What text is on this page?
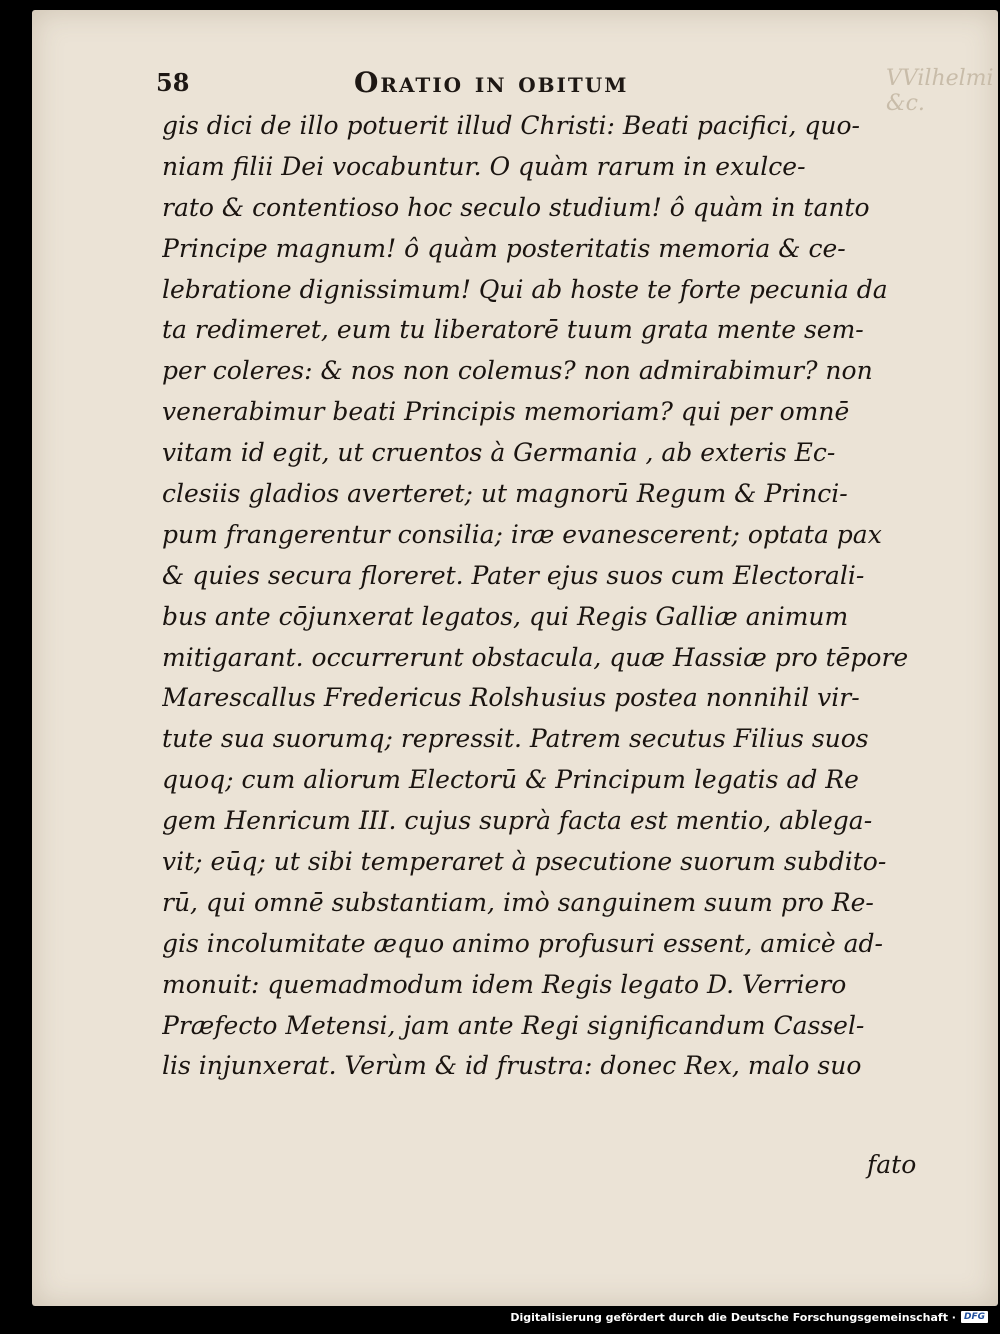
58	Oratio in obitum	VVilhelmi &c.
gis dici de illo potuerit illud Christi: Beati pacifici, quo-
niam filii Dei vocabuntur. O quàm rarum in exulce-
rato & contentioso hoc seculo studium! ô quàm in tanto
Principe magnum! ô quàm posteritatis memoria & ce-
lebratione dignissimum! Qui ab hoste te forte pecunia da
ta redimeret, eum tu liberatorē tuum grata mente sem-
per coleres: & nos non colemus? non admirabimur? non
venerabimur beati Principis memoriam? qui per omnē
vitam id egit, ut cruentos à Germania , ab exteris Ec-
clesiis gladios averteret; ut magnorū Regum & Princi-
pum frangerentur consilia; iræ evanescerent; optata pax
& quies secura floreret. Pater ejus suos cum Electorali-
bus ante cōjunxerat legatos, qui Regis Galliæ animum
mitigarant. occurrerunt obstacula, quæ Hassiæ pro tēpore
Marescallus Fredericus Rolshusius postea nonnihil vir-
tute sua suorumq; repressit. Patrem secutus Filius suos
quoq; cum aliorum Electorū & Principum legatis ad Re
gem Henricum III. cujus suprà facta est mentio, ablega-
vit; eūq; ut sibi temperaret à psecutione suorum subdito-
rū, qui omnē substantiam, imò sanguinem suum pro Re-
gis incolumitate æquo animo profusuri essent, amicè ad-
monuit: quemadmodum idem Regis legato D. Verriero
Præfecto Metensi, jam ante Regi significandum Cassel-
lis injunxerat. Verùm & id frustra: donec Rex, malo suo
fato
Digitalisierung gefördert durch die Deutsche Forschungsgemeinschaft · DFG
